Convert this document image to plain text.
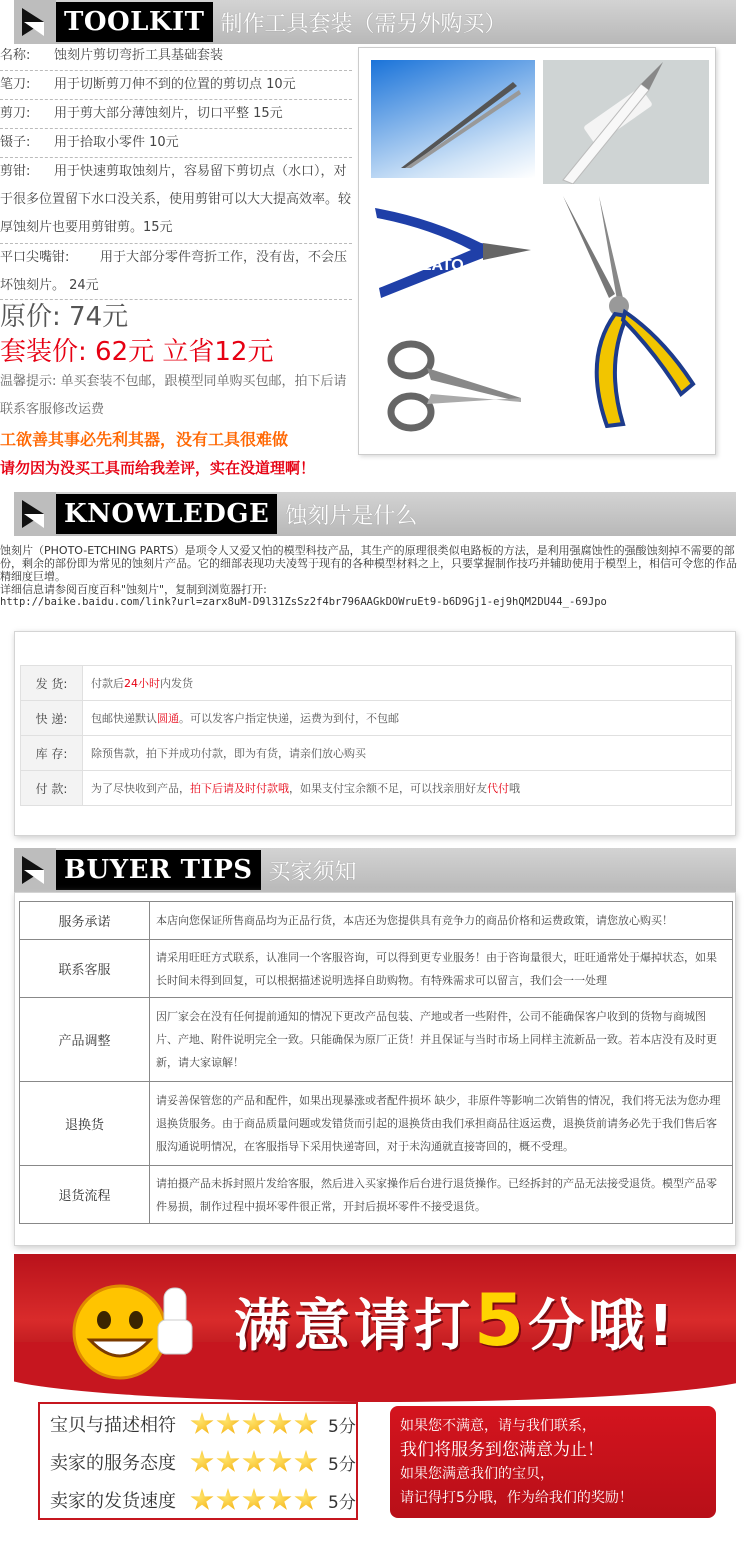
TOOLKIT 制作工具套装（需另外购买）
名称: 蚀刻片剪切弯折工具基础套装
笔刀: 用于切断剪刀伸不到的位置的剪切点 10元
剪刀: 用于剪大部分薄蚀刻片，切口平整 15元
镊子: 用于拾取小零件 10元
剪钳: 用于快速剪取蚀刻片，容易留下剪切点（水口），对于很多位置留下水口没关系，使用剪钳可以大大提高效率。较厚蚀刻片也要用剪钳剪。15元
平口尖嘴钳: 用于大部分零件弯折工作，没有齿，不会压坏蚀刻片。 24元
原价: 74元
套装价: 62元 立省12元
温馨提示: 单买套装不包邮，跟模型同单购买包邮，拍下后请联系客服修改运费
工欲善其事必先利其器，没有工具很难做
请勿因为没买工具而给我差评，实在没道理啊！
PLATO
KNOWLEDGE 蚀刻片是什么
蚀刻片（PHOTO-ETCHING PARTS）是项令人又爱又怕的模型科技产品，其生产的原理很类似电路板的方法，是利用强腐蚀性的强酸蚀刻掉不需要的部份，剩余的部份即为常见的蚀刻片产品。它的细部表现功夫凌驾于现有的各种模型材料之上，只要掌握制作技巧并辅助使用于模型上，相信可令您的作品精细度巨增。
详细信息请参阅百度百科"蚀刻片"，复制到浏览器打开:
http://baike.baidu.com/link?url=zarx8uM-D9l31ZsSz2f4br796AAGkDOWruEt9-b6D9Gj1-ej9hQM2DU44_-69Jpo
发 货:	付款后24小时内发货
快 递:	包邮快递默认圆通。可以发客户指定快递，运费为到付，不包邮
库 存:	除预售款，拍下并成功付款，即为有货，请亲们放心购买
付 款:	为了尽快收到产品，拍下后请及时付款哦，如果支付宝余额不足，可以找亲朋好友代付哦
BUYER TIPS 买家须知
服务承诺	本店向您保证所售商品均为正品行货，本店还为您提供具有竞争力的商品价格和运费政策，请您放心购买！
联系客服	请采用旺旺方式联系，认准同一个客服咨询，可以得到更专业服务！由于咨询量很大，旺旺通常处于爆掉状态，如果长时间未得到回复，可以根据描述说明选择自助购物。有特殊需求可以留言，我们会一一处理
产品调整	因厂家会在没有任何提前通知的情况下更改产品包装、产地或者一些附件，公司不能确保客户收到的货物与商城图片、产地、附件说明完全一致。只能确保为原厂正货！并且保证与当时市场上同样主流新品一致。若本店没有及时更新，请大家谅解！
退换货	请妥善保管您的产品和配件，如果出现暴涨或者配件损坏 缺少，非原件等影响二次销售的情况，我们将无法为您办理退换货服务。由于商品质量问题或发错货而引起的退换货由我们承担商品往返运费，退换货前请务必先于我们售后客服沟通说明情况，在客服指导下采用快递寄回，对于未沟通就直接寄回的，概不受理。
退货流程	请拍摄产品未拆封照片发给客服，然后进入买家操作后台进行退货操作。已经拆封的产品无法接受退货。模型产品零件易损，制作过程中损坏零件很正常，开封后损坏零件不接受退货。
满意请打5分哦!
宝贝与描述相符	5分
卖家的服务态度	5分
卖家的发货速度	5分
如果您不满意，请与我们联系，
我们将服务到您满意为止！
如果您满意我们的宝贝，
请记得打5分哦，作为给我们的奖励！
